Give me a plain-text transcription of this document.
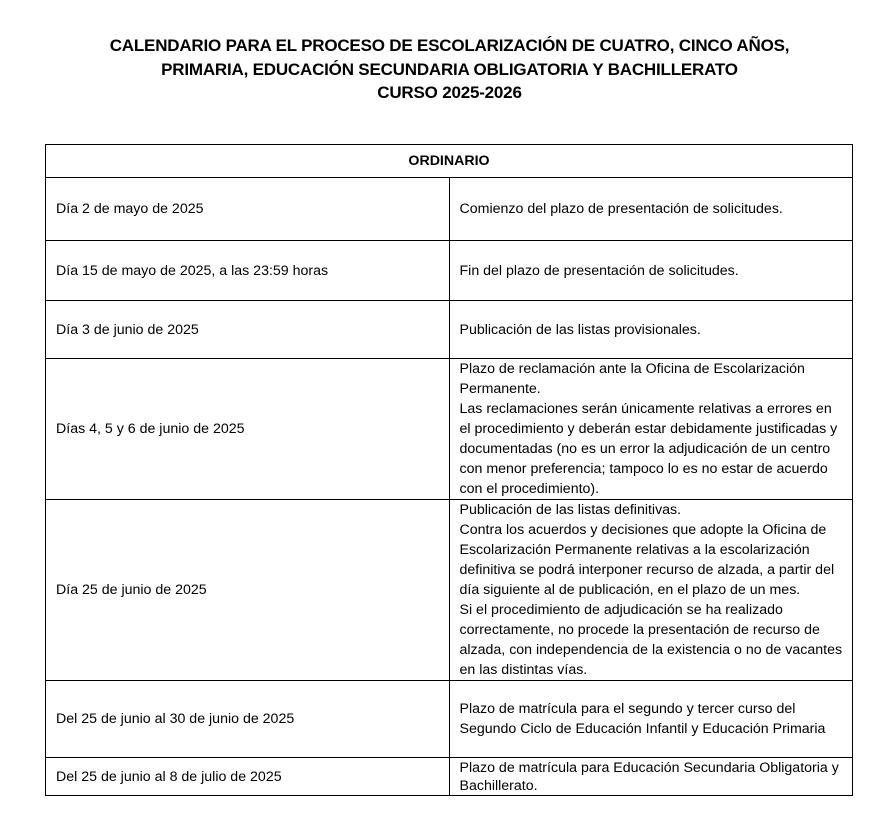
CALENDARIO PARA EL PROCESO DE ESCOLARIZACIÓN DE CUATRO, CINCO AÑOS,
PRIMARIA, EDUCACIÓN SECUNDARIA OBLIGATORIA Y BACHILLERATO
CURSO 2025-2026
ORDINARIO	
Día 2 de mayo de 2025	Comienzo del plazo de presentación de solicitudes.

Día 15 de mayo de 2025, a las 23:59 horas	Fin del plazo de presentación de solicitudes.

Día 3 de junio de 2025	Publicación de las listas provisionales.

Días 4, 5 y 6 de junio de 2025	Plazo de reclamación ante la Oficina de Escolarización Permanente.
Las reclamaciones serán únicamente relativas a errores en el procedimiento y deberán estar debidamente justificadas y documentadas (no es un error la adjudicación de un centro con menor preferencia; tampoco lo es no estar de acuerdo con el procedimiento).

Día 25 de junio de 2025	Publicación de las listas definitivas.
Contra los acuerdos y decisiones que adopte la Oficina de Escolarización Permanente relativas a la escolarización definitiva se podrá interponer recurso de alzada, a partir del día siguiente al de publicación, en el plazo de un mes.
Si el procedimiento de adjudicación se ha realizado correctamente, no procede la presentación de recurso de alzada, con independencia de la existencia o no de vacantes en las distintas vías.

Del 25 de junio al 30 de junio de 2025	Plazo de matrícula para el segundo y tercer curso del Segundo Ciclo de Educación Infantil y Educación Primaria

Del 25 de junio al 8 de julio de 2025	Plazo de matrícula para Educación Secundaria Obligatoria y Bachillerato.
